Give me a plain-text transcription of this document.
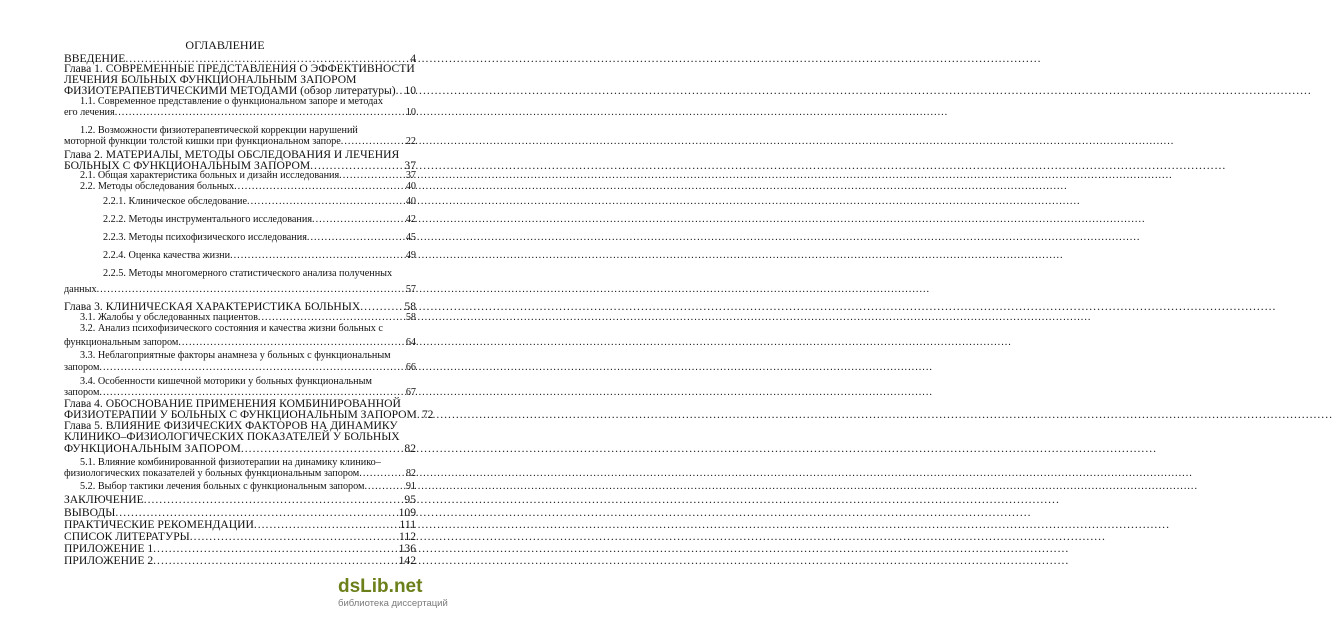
ОГЛАВЛЕНИЕ
ВВЕДЕНИЕ .....	4
Глава 1. СОВРЕМЕННЫЕ ПРЕДСТАВЛЕНИЯ О ЭФФЕКТИВНОСТИ
ЛЕЧЕНИЯ БОЛЬНЫХ ФУНКЦИОНАЛЬНЫМ ЗАПОРОМ
ФИЗИОТЕРАПЕВТИЧЕСКИМИ МЕТОДАМИ (обзор литературы) ..... 10
1.1. Современное представление о функциональном запоре и методах
его лечения .....	10
1.2. Возможности физиотерапевтической коррекции нарушений
моторной функции толстой кишки при функциональном запоре .....	22
Глава 2. МАТЕРИАЛЫ, МЕТОДЫ ОБСЛЕДОВАНИЯ И ЛЕЧЕНИЯ
БОЛЬНЫХ С ФУНКЦИОНАЛЬНЫМ ЗАПОРОМ .....	37
2.1. Общая характеристика больных и дизайн исследования .....	37
2.2. Методы обследования больных .....	40
2.2.1. Клиническое обследование .....	40
2.2.2. Методы инструментального исследования .....	42
2.2.3. Методы психофизического исследования .....	45
2.2.4. Оценка качества жизни .....	49
2.2.5. Методы многомерного статистического анализа полученных
данных .....	57
Глава 3. КЛИНИЧЕСКАЯ ХАРАКТЕРИСТИКА БОЛЬНЫХ .....	58
3.1. Жалобы у обследованных пациентов .....	58
3.2. Анализ психофизического состояния и качества жизни больных с
функциональным запором .....	64
3.3. Неблагоприятные факторы анамнеза у больных с функциональным
запором .....	66
3.4. Особенности кишечной моторики у больных функциональным
запором .....	67
Глава 4. ОБОСНОВАНИЕ ПРИМЕНЕНИЯ КОМБИНИРОВАННОЙ
ФИЗИОТЕРАПИИ У БОЛЬНЫХ С ФУНКЦИОНАЛЬНЫМ ЗАПОРОМ ..... 72
Глава 5. ВЛИЯНИЕ ФИЗИЧЕСКИХ ФАКТОРОВ НА ДИНАМИКУ
КЛИНИКО–ФИЗИОЛОГИЧЕСКИХ ПОКАЗАТЕЛЕЙ У БОЛЬНЫХ
ФУНКЦИОНАЛЬНЫМ ЗАПОРОМ .....	82
5.1. Влияние комбинированной физиотерапии на динамику клинико–
физиологических показателей у больных функциональным запором .....	82
5.2. Выбор тактики лечения больных с функциональным запором .....	91
ЗАКЛЮЧЕНИЕ .....	95
ВЫВОДЫ .....	109
ПРАКТИЧЕСКИЕ РЕКОМЕНДАЦИИ .....	111
СПИСОК ЛИТЕРАТУРЫ .....	112
ПРИЛОЖЕНИЕ 1 .....	136
ПРИЛОЖЕНИЕ 2 .....	142
dsLib.net
библиотека диссертаций
